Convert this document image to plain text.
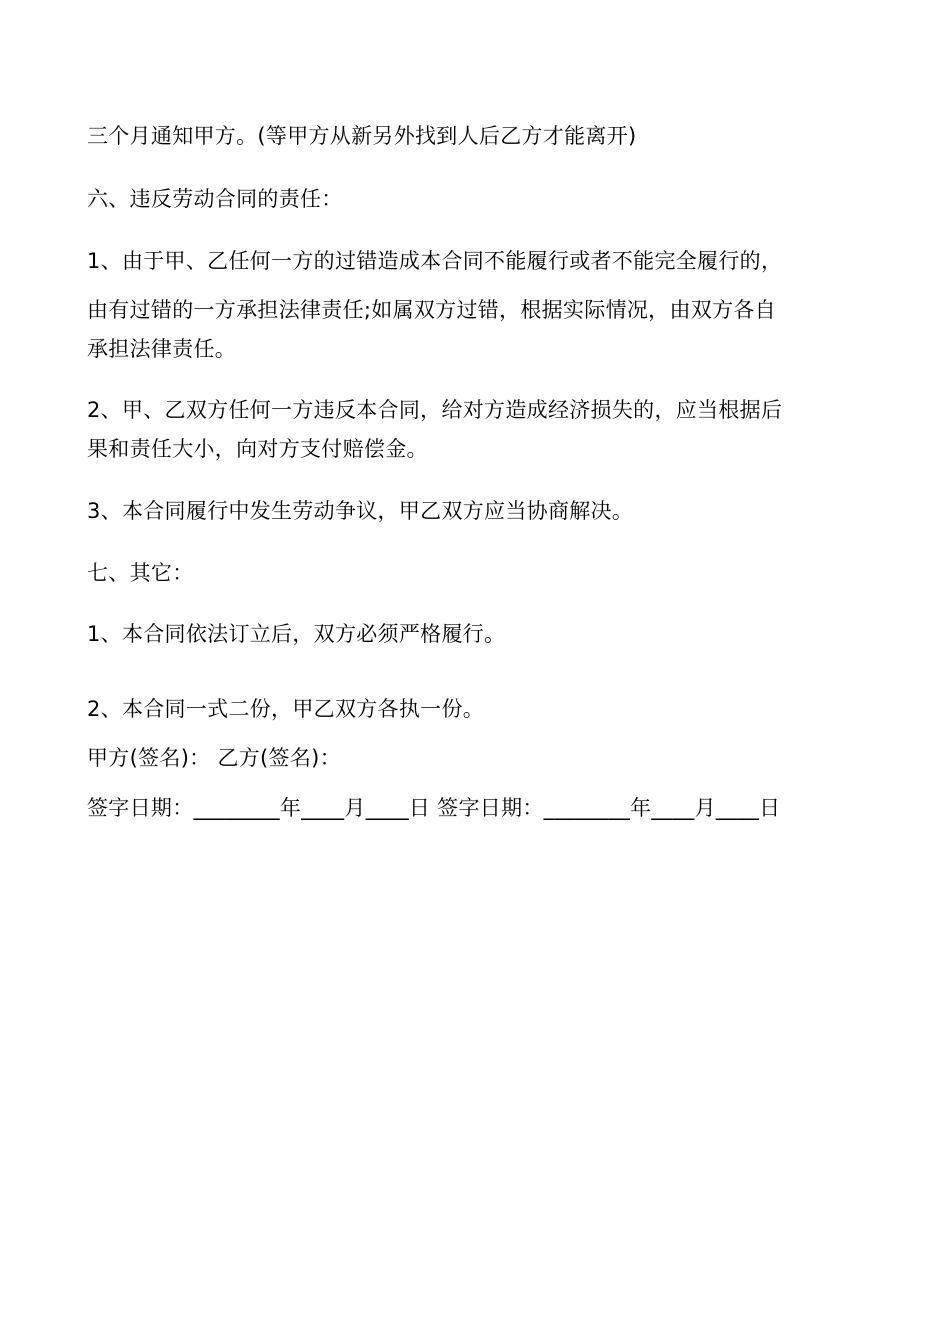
三个月通知甲方。(等甲方从新另外找到人后乙方才能离开)
六、违反劳动合同的责任：
1、由于甲、乙任何一方的过错造成本合同不能履行或者不能完全履行的，
由有过错的一方承担法律责任;如属双方过错，根据实际情况，由双方各自
承担法律责任。
2、甲、乙双方任何一方违反本合同，给对方造成经济损失的，应当根据后
果和责任大小，向对方支付赔偿金。
3、本合同履行中发生劳动争议，甲乙双方应当协商解决。
七、其它：
1、本合同依法订立后，双方必须严格履行。
2、本合同一式二份，甲乙双方各执一份。
甲方(签名)： 乙方(签名)：
签字日期：________年____月____日 签字日期：________年____月____日
